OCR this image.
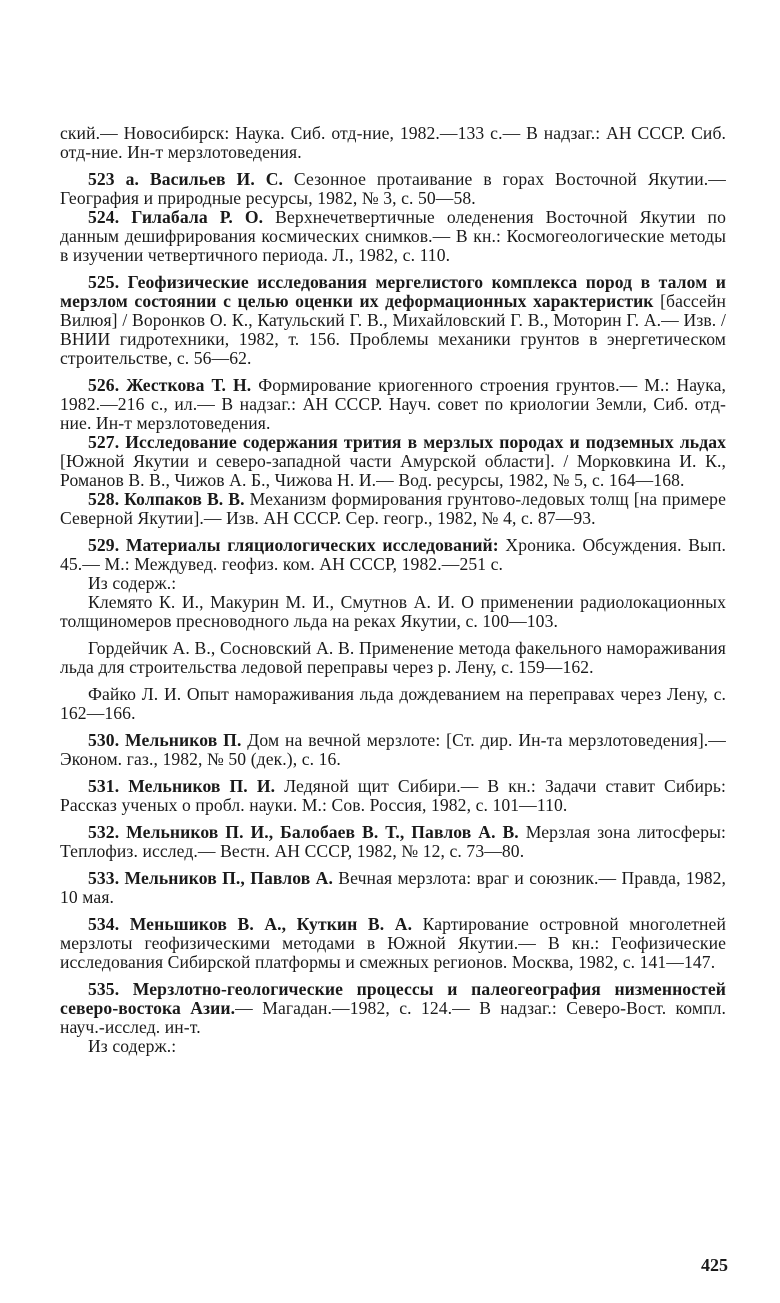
ский.— Новосибирск: Наука. Сиб. отд-ние, 1982.—133 с.— В надзаг.: АН СССР. Сиб. отд-ние. Ин-т мерзлотоведения.

523 а. Васильев И. С. Сезонное протаивание в горах Восточной Якутии.— География и природные ресурсы, 1982, № 3, с. 50—58.

524. Гилабала Р. О. Верхнечетвертичные оледенения Восточной Якутии по данным дешифрирования космических снимков.— В кн.: Космогеологические методы в изучении четвертичного периода. Л., 1982, с. 110.

525. Геофизические исследования мергелистого комплекса пород в талом и мерзлом состоянии с целью оценки их деформационных характеристик [бассейн Вилюя] / Воронков О. К., Катульский Г. В., Михайловский Г. В., Моторин Г. А.— Изв. / ВНИИ гидротехники, 1982, т. 156. Проблемы механики грунтов в энергетическом строительстве, с. 56—62.

526. Жесткова Т. Н. Формирование криогенного строения грунтов.— М.: Наука, 1982.—216 с., ил.— В надзаг.: АН СССР. Науч. совет по криологии Земли, Сиб. отд-ние. Ин-т мерзлотоведения.

527. Исследование содержания трития в мерзлых породах и подземных льдах [Южной Якутии и северо-западной части Амурской области]. / Морковкина И. К., Романов В. В., Чижов А. Б., Чижова Н. И.— Вод. ресурсы, 1982, № 5, с. 164—168.

528. Колпаков В. В. Механизм формирования грунтово-ледовых толщ [на примере Северной Якутии].— Изв. АН СССР. Сер. геогр., 1982, № 4, с. 87—93.

529. Материалы гляциологических исследований: Хроника. Обсуждения. Вып. 45.— М.: Междувед. геофиз. ком. АН СССР, 1982.—251 с.

Из содерж.:

Клемято К. И., Макурин М. И., Смутнов А. И. О применении радиолокационных толщиномеров пресноводного льда на реках Якутии, с. 100—103.

Гордейчик А. В., Сосновский А. В. Применение метода факельного намораживания льда для строительства ледовой переправы через р. Лену, с. 159—162.

Файко Л. И. Опыт намораживания льда дождеванием на переправах через Лену, с. 162—166.

530. Мельников П. Дом на вечной мерзлоте: [Ст. дир. Ин-та мерзлотоведения].— Эконом. газ., 1982, № 50 (дек.), с. 16.

531. Мельников П. И. Ледяной щит Сибири.— В кн.: Задачи ставит Сибирь: Рассказ ученых о пробл. науки. М.: Сов. Россия, 1982, с. 101—110.

532. Мельников П. И., Балобаев В. Т., Павлов А. В. Мерзлая зона литосферы: Теплофиз. исслед.— Вестн. АН СССР, 1982, № 12, с. 73—80.

533. Мельников П., Павлов А. Вечная мерзлота: враг и союзник.— Правда, 1982, 10 мая.

534. Меньшиков В. А., Куткин В. А. Картирование островной многолетней мерзлоты геофизическими методами в Южной Якутии.— В кн.: Геофизические исследования Сибирской платформы и смежных регионов. Москва, 1982, с. 141—147.

535. Мерзлотно-геологические процессы и палеогеография низменностей северо-востока Азии.— Магадан.—1982, с. 124.— В надзаг.: Северо-Вост. компл. науч.-исслед. ин-т.

Из содерж.:

425
